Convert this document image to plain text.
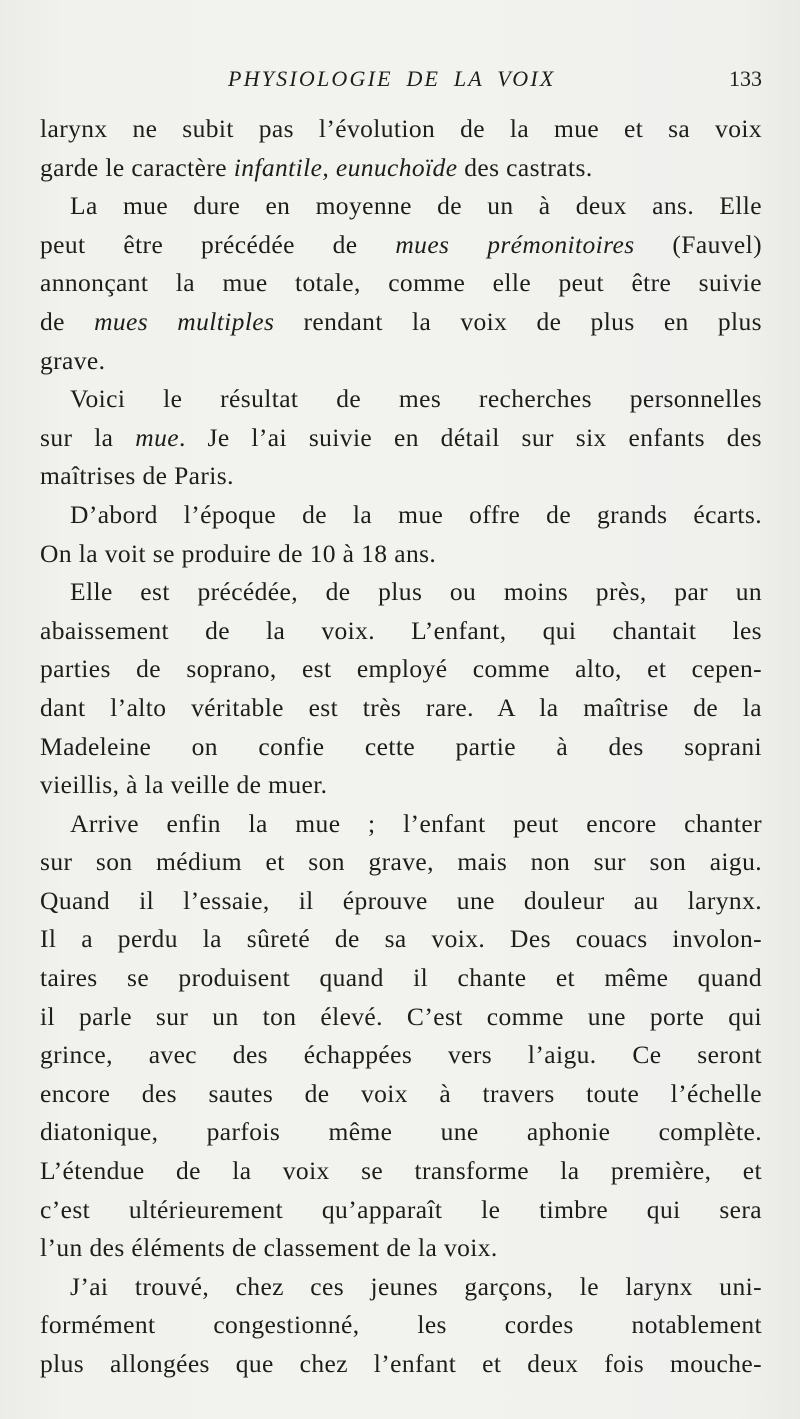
PHYSIOLOGIE DE LA VOIX	133
larynx ne subit pas l’évolution de la mue et sa voix
garde le caractère infantile, eunuchoïde des castrats.
La mue dure en moyenne de un à deux ans. Elle
peut être précédée de mues prémonitoires (Fauvel)
annonçant la mue totale, comme elle peut être suivie
de mues multiples rendant la voix de plus en plus
grave.
Voici le résultat de mes recherches personnelles
sur la mue. Je l’ai suivie en détail sur six enfants des
maîtrises de Paris.
D’abord l’époque de la mue offre de grands écarts.
On la voit se produire de 10 à 18 ans.
Elle est précédée, de plus ou moins près, par un
abaissement de la voix. L’enfant, qui chantait les
parties de soprano, est employé comme alto, et cepen-
dant l’alto véritable est très rare. A la maîtrise de la
Madeleine on confie cette partie à des soprani
vieillis, à la veille de muer.
Arrive enfin la mue ; l’enfant peut encore chanter
sur son médium et son grave, mais non sur son aigu.
Quand il l’essaie, il éprouve une douleur au larynx.
Il a perdu la sûreté de sa voix. Des couacs involon-
taires se produisent quand il chante et même quand
il parle sur un ton élevé. C’est comme une porte qui
grince, avec des échappées vers l’aigu. Ce seront
encore des sautes de voix à travers toute l’échelle
diatonique, parfois même une aphonie complète.
L’étendue de la voix se transforme la première, et
c’est ultérieurement qu’apparaît le timbre qui sera
l’un des éléments de classement de la voix.
J’ai trouvé, chez ces jeunes garçons, le larynx uni-
formément congestionné, les cordes notablement
plus allongées que chez l’enfant et deux fois mouche-
